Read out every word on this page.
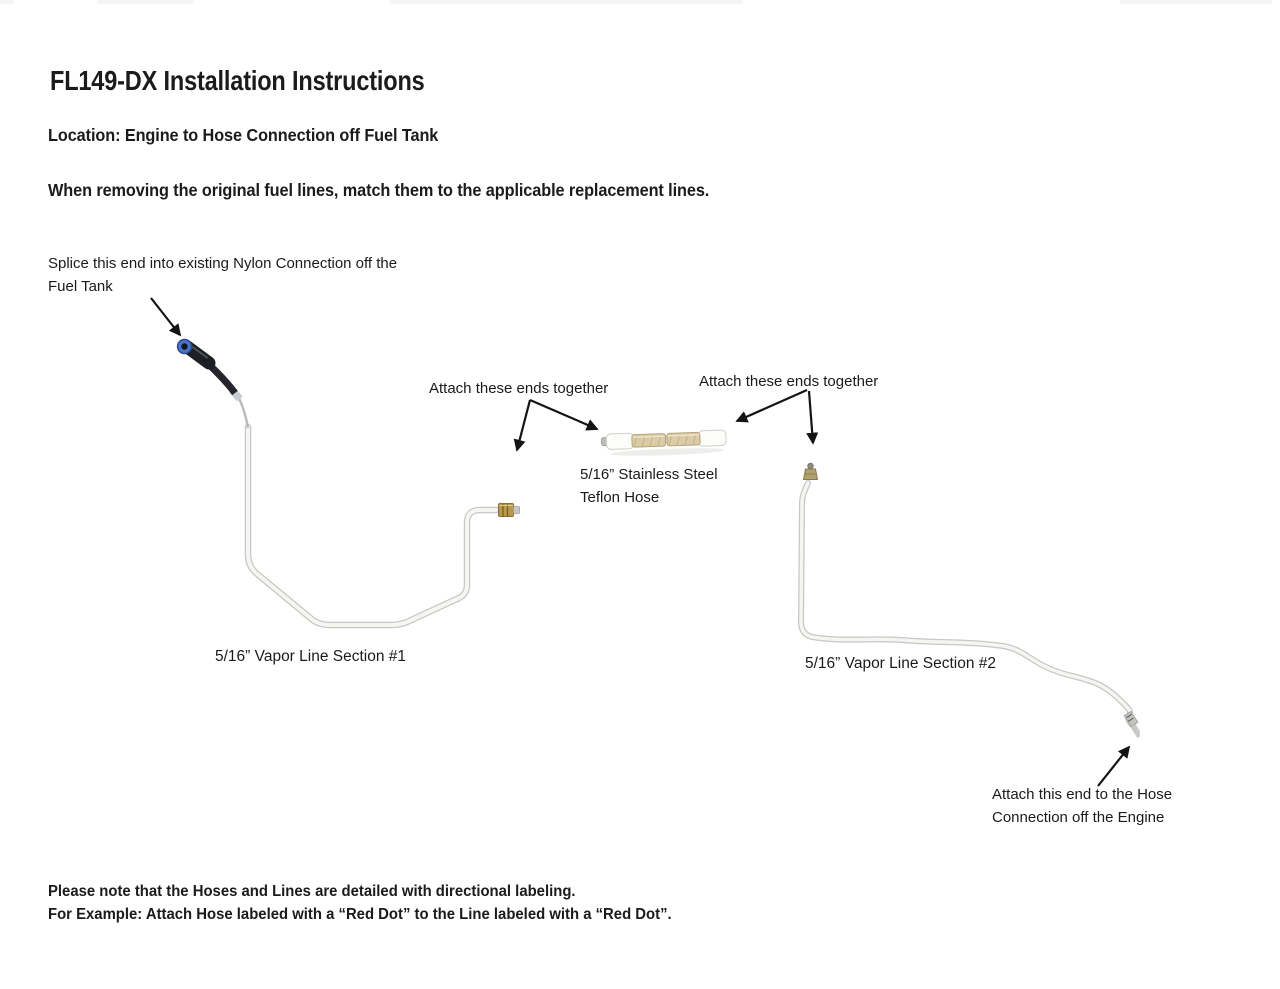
FL149-DX Installation Instructions
Location: Engine to Hose Connection off Fuel Tank
When removing the original fuel lines, match them to the applicable replacement lines.
Splice this end into existing Nylon Connection off the Fuel Tank
Attach these ends together	Attach these ends together
5/16” Stainless Steel Teflon Hose
5/16” Vapor Line Section #1	5/16” Vapor Line Section #2
Attach this end to the Hose Connection off the Engine
Please note that the Hoses and Lines are detailed with directional labeling.
For Example: Attach Hose labeled with a “Red Dot” to the Line labeled with a “Red Dot”.
